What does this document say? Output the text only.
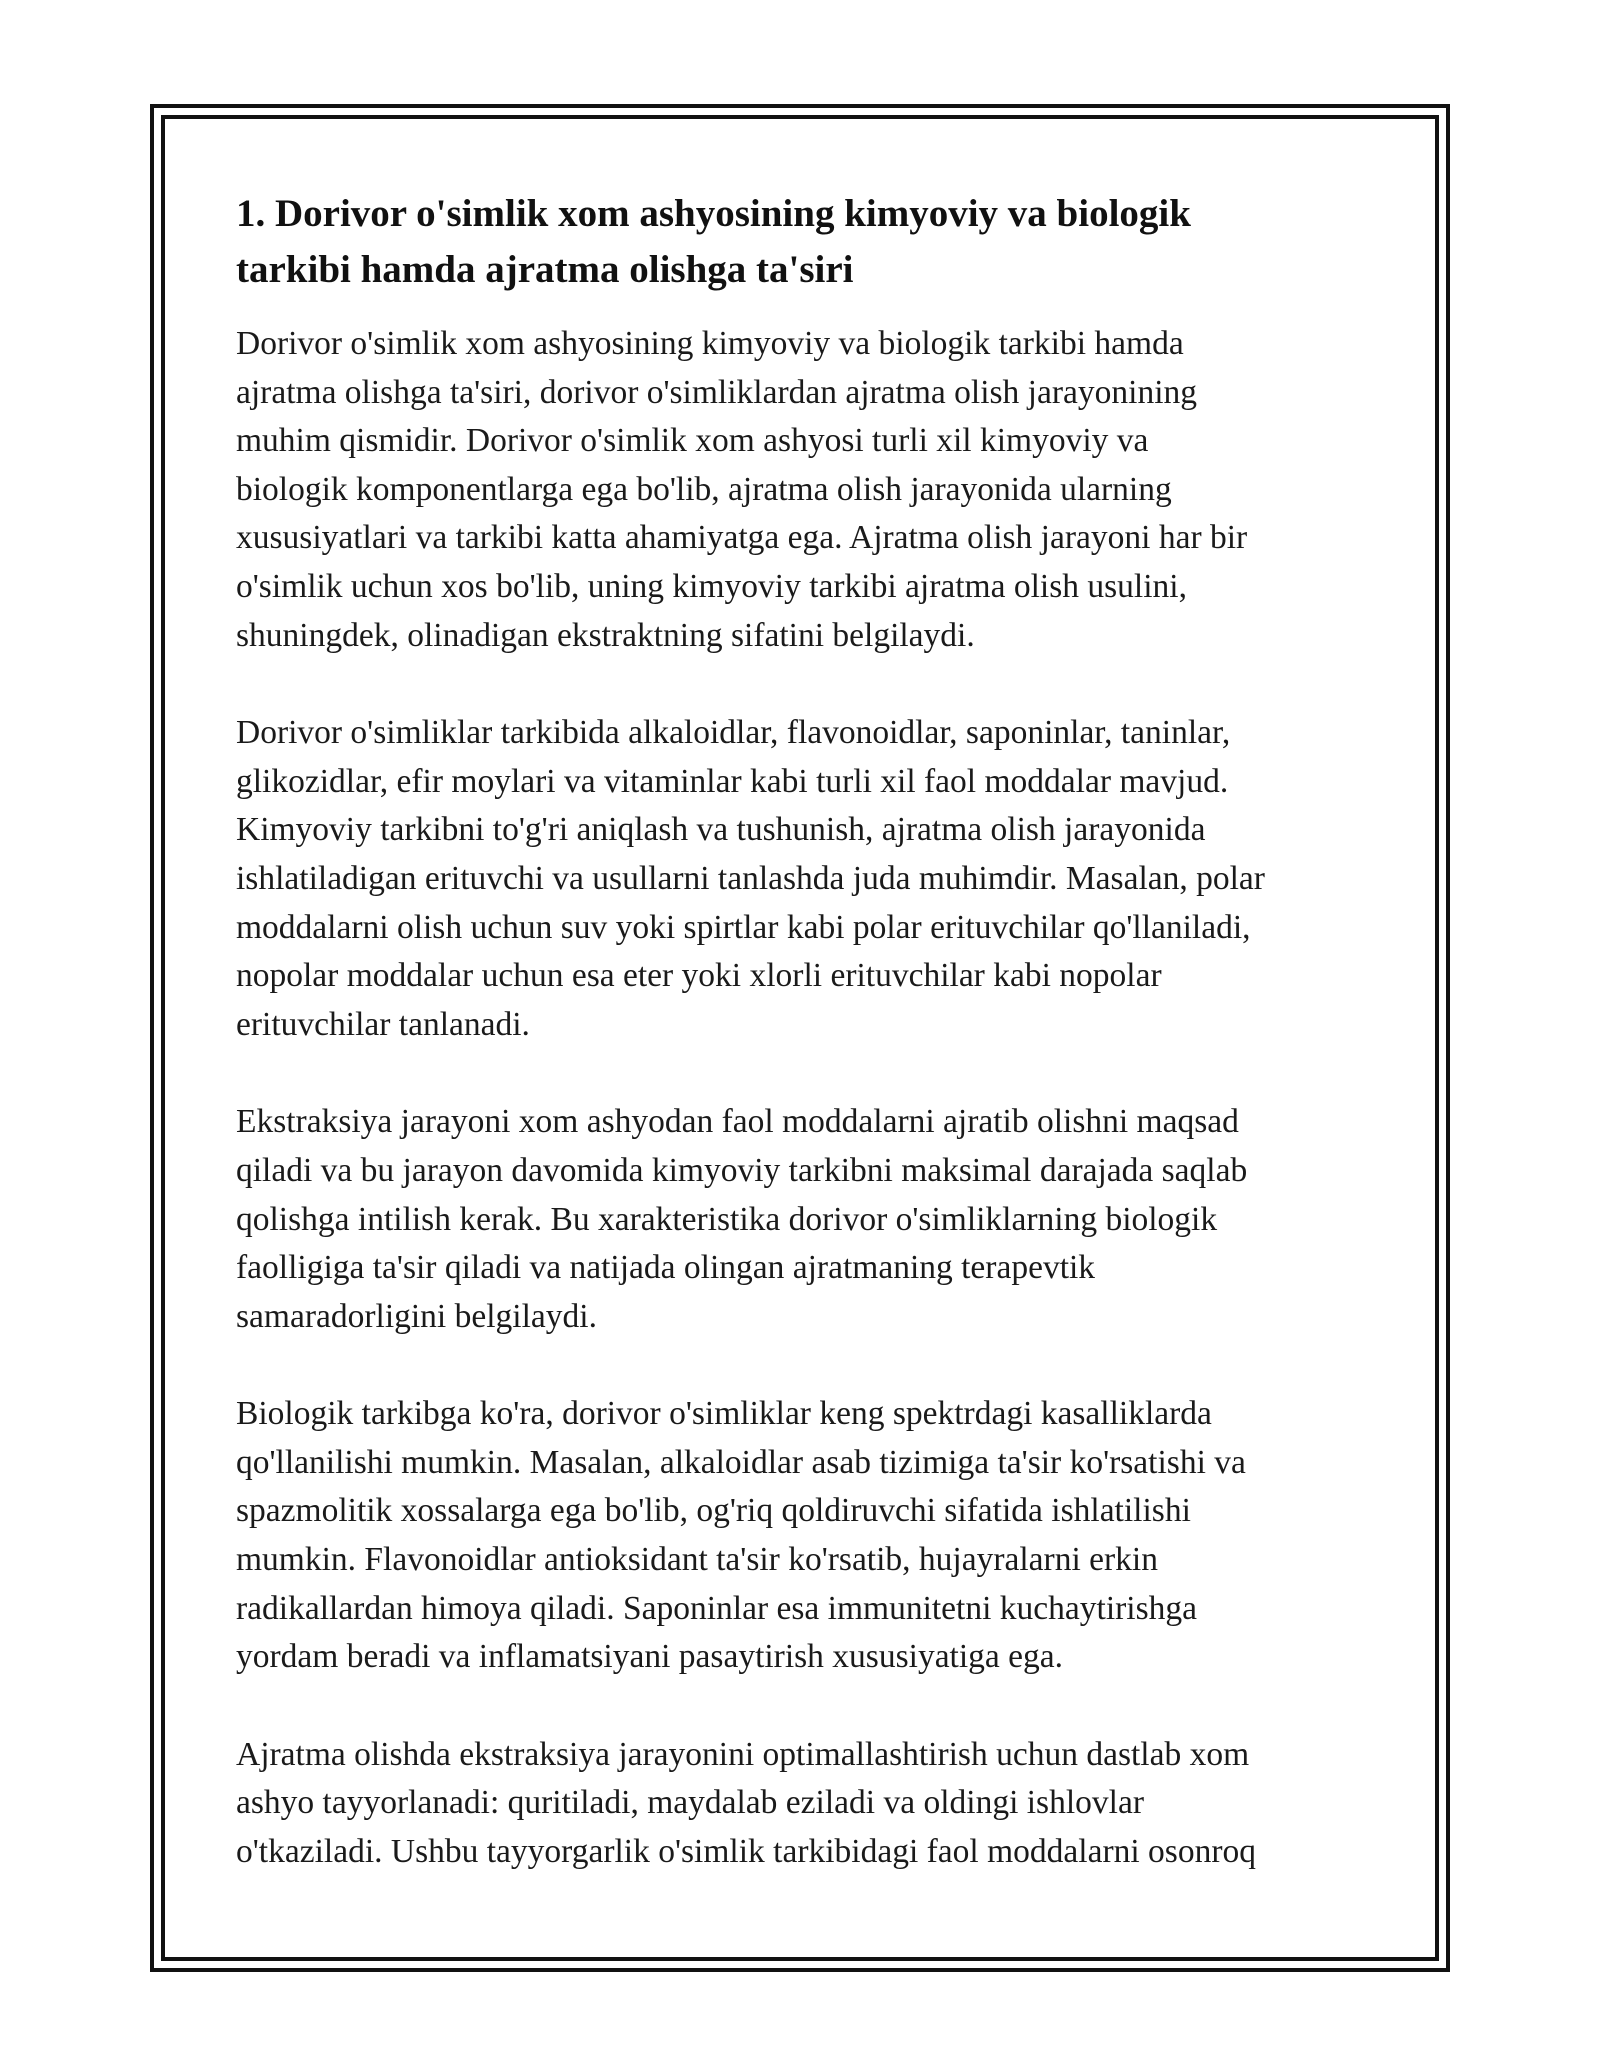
1. Dorivor o'simlik xom ashyosining kimyoviy va biologik
tarkibi hamda ajratma olishga ta'siri

Dorivor o'simlik xom ashyosining kimyoviy va biologik tarkibi hamda
ajratma olishga ta'siri, dorivor o'simliklardan ajratma olish jarayonining
muhim qismidir. Dorivor o'simlik xom ashyosi turli xil kimyoviy va
biologik komponentlarga ega bo'lib, ajratma olish jarayonida ularning
xususiyatlari va tarkibi katta ahamiyatga ega. Ajratma olish jarayoni har bir
o'simlik uchun xos bo'lib, uning kimyoviy tarkibi ajratma olish usulini,
shuningdek, olinadigan ekstraktning sifatini belgilaydi.

Dorivor o'simliklar tarkibida alkaloidlar, flavonoidlar, saponinlar, taninlar,
glikozidlar, efir moylari va vitaminlar kabi turli xil faol moddalar mavjud.
Kimyoviy tarkibni to'g'ri aniqlash va tushunish, ajratma olish jarayonida
ishlatiladigan erituvchi va usullarni tanlashda juda muhimdir. Masalan, polar
moddalarni olish uchun suv yoki spirtlar kabi polar erituvchilar qo'llaniladi,
nopolar moddalar uchun esa eter yoki xlorli erituvchilar kabi nopolar
erituvchilar tanlanadi.

Ekstraksiya jarayoni xom ashyodan faol moddalarni ajratib olishni maqsad
qiladi va bu jarayon davomida kimyoviy tarkibni maksimal darajada saqlab
qolishga intilish kerak. Bu xarakteristika dorivor o'simliklarning biologik
faolligiga ta'sir qiladi va natijada olingan ajratmaning terapevtik
samaradorligini belgilaydi.

Biologik tarkibga ko'ra, dorivor o'simliklar keng spektrdagi kasalliklarda
qo'llanilishi mumkin. Masalan, alkaloidlar asab tizimiga ta'sir ko'rsatishi va
spazmolitik xossalarga ega bo'lib, og'riq qoldiruvchi sifatida ishlatilishi
mumkin. Flavonoidlar antioksidant ta'sir ko'rsatib, hujayralarni erkin
radikallardan himoya qiladi. Saponinlar esa immunitetni kuchaytirishga
yordam beradi va inflamatsiyani pasaytirish xususiyatiga ega.

Ajratma olishda ekstraksiya jarayonini optimallashtirish uchun dastlab xom
ashyo tayyorlanadi: quritiladi, maydalab eziladi va oldingi ishlovlar
o'tkaziladi. Ushbu tayyorgarlik o'simlik tarkibidagi faol moddalarni osonroq
